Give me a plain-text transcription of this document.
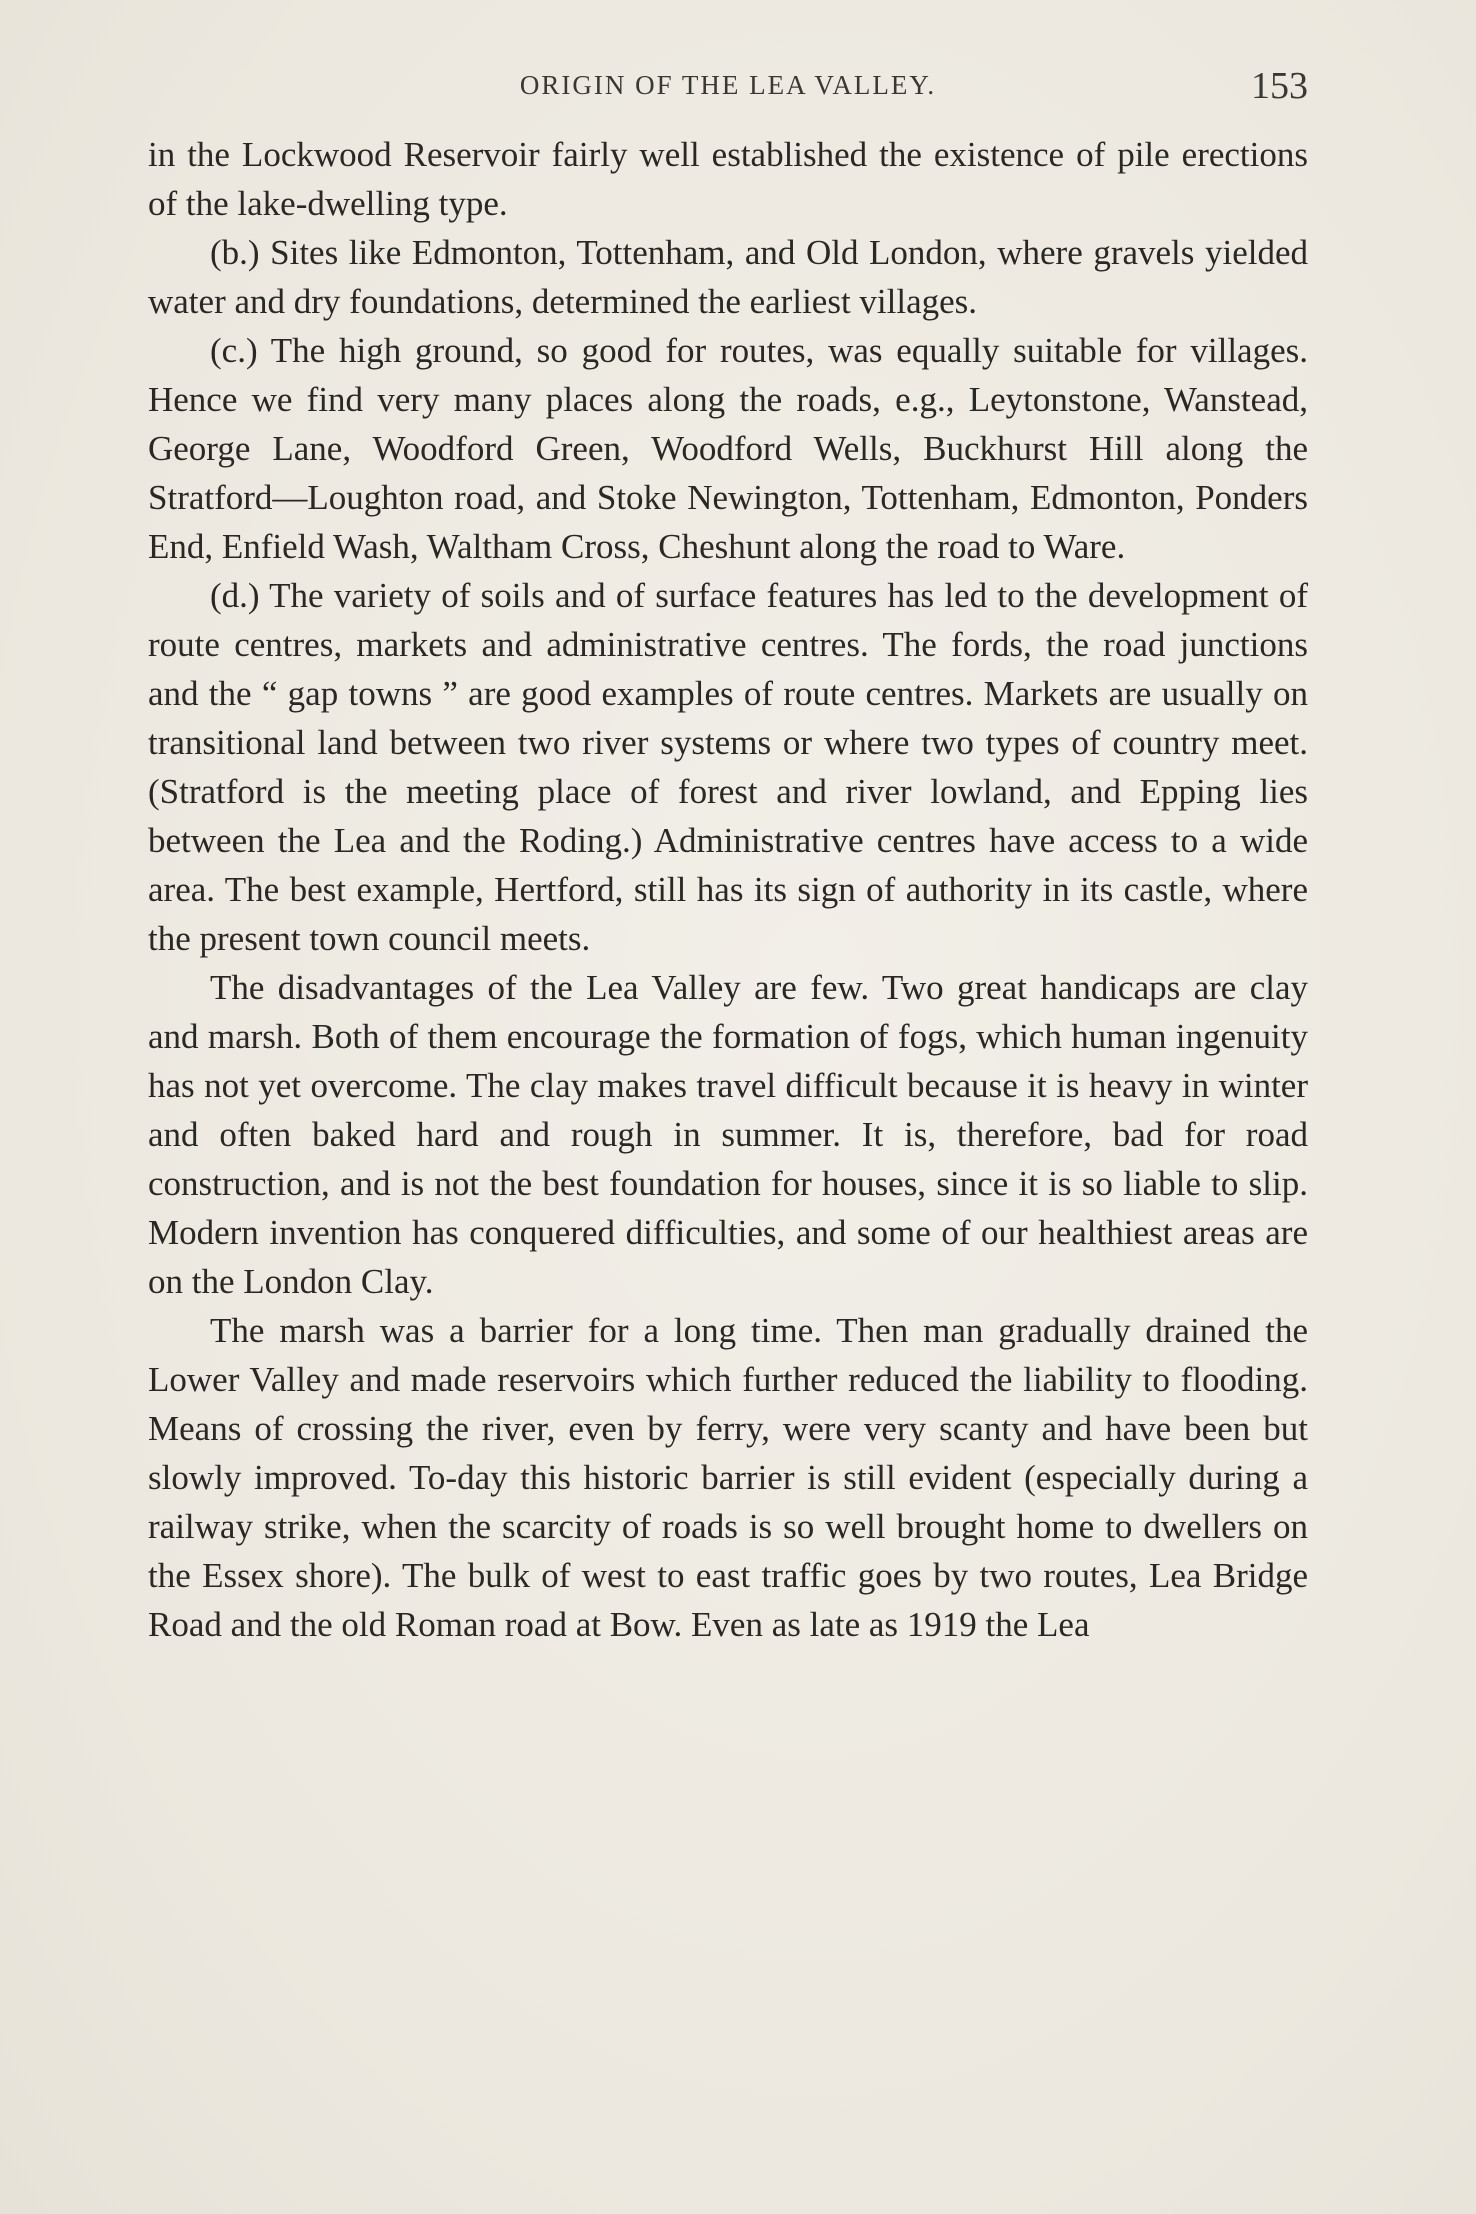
ORIGIN OF THE LEA VALLEY.	153

in the Lockwood Reservoir fairly well established the existence of pile erections of the lake-dwelling type.

(b.) Sites like Edmonton, Tottenham, and Old London, where gravels yielded water and dry foundations, determined the earliest villages.

(c.) The high ground, so good for routes, was equally suitable for villages. Hence we find very many places along the roads, e.g., Leytonstone, Wanstead, George Lane, Woodford Green, Woodford Wells, Buckhurst Hill along the Stratford—Loughton road, and Stoke Newington, Tottenham, Edmonton, Ponders End, Enfield Wash, Waltham Cross, Cheshunt along the road to Ware.

(d.) The variety of soils and of surface features has led to the development of route centres, markets and administrative centres. The fords, the road junctions and the “ gap towns ” are good examples of route centres. Markets are usually on transitional land between two river systems or where two types of country meet. (Stratford is the meeting place of forest and river lowland, and Epping lies between the Lea and the Roding.) Administrative centres have access to a wide area. The best example, Hertford, still has its sign of authority in its castle, where the present town council meets.

The disadvantages of the Lea Valley are few. Two great handicaps are clay and marsh. Both of them encourage the formation of fogs, which human ingenuity has not yet overcome. The clay makes travel difficult because it is heavy in winter and often baked hard and rough in summer. It is, therefore, bad for road construction, and is not the best foundation for houses, since it is so liable to slip. Modern invention has conquered difficulties, and some of our healthiest areas are on the London Clay.

The marsh was a barrier for a long time. Then man gradually drained the Lower Valley and made reservoirs which further reduced the liability to flooding. Means of crossing the river, even by ferry, were very scanty and have been but slowly improved. To-day this historic barrier is still evident (especially during a railway strike, when the scarcity of roads is so well brought home to dwellers on the Essex shore). The bulk of west to east traffic goes by two routes, Lea Bridge Road and the old Roman road at Bow. Even as late as 1919 the Lea
